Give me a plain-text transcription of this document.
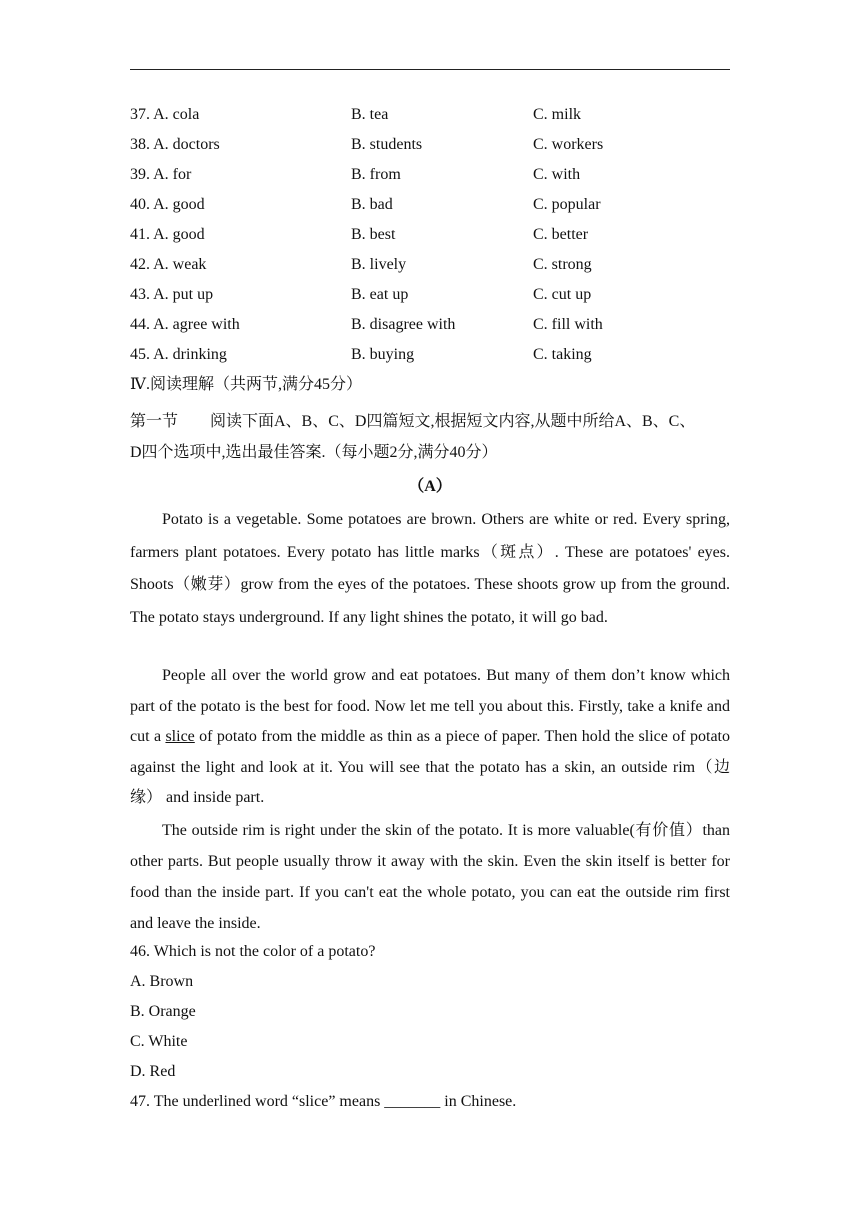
37. A. cola	B. tea	C. milk
38. A. doctors	B. students	C. workers
39. A. for	B. from	C. with
40. A. good	B. bad	C. popular
41. A. good	B. best	C. better
42. A. weak	B. lively	C. strong
43. A. put up	B. eat up	C. cut up
44. A. agree with	B. disagree with	C. fill with
45. A. drinking	B. buying	C. taking
Ⅳ.阅读理解（共两节,满分45分）
第一节 阅读下面A、B、C、D四篇短文,根据短文内容,从题中所给A、B、C、
D四个选项中,选出最佳答案.（每小题2分,满分40分）
（A）

Potato is a vegetable. Some potatoes are brown. Others are white or red. Every spring, farmers plant potatoes. Every potato has little marks（斑点）. These are potatoes' eyes. Shoots（嫩芽）grow from the eyes of the potatoes. These shoots grow up from the ground. The potato stays underground. If any light shines the potato, it will go bad.

People all over the world grow and eat potatoes. But many of them don’t know which part of the potato is the best for food. Now let me tell you about this. Firstly, take a knife and cut a slice of potato from the middle as thin as a piece of paper. Then hold the slice of potato against the light and look at it. You will see that the potato has a skin, an outside rim（边缘） and inside part.

The outside rim is right under the skin of the potato. It is more valuable(有价值）than other parts. But people usually throw it away with the skin. Even the skin itself is better for food than the inside part. If you can't eat the whole potato, you can eat the outside rim first and leave the inside.

46. Which is not the color of a potato?
A. Brown
B. Orange
C. White
D. Red
47. The underlined word “slice” means _______ in Chinese.
